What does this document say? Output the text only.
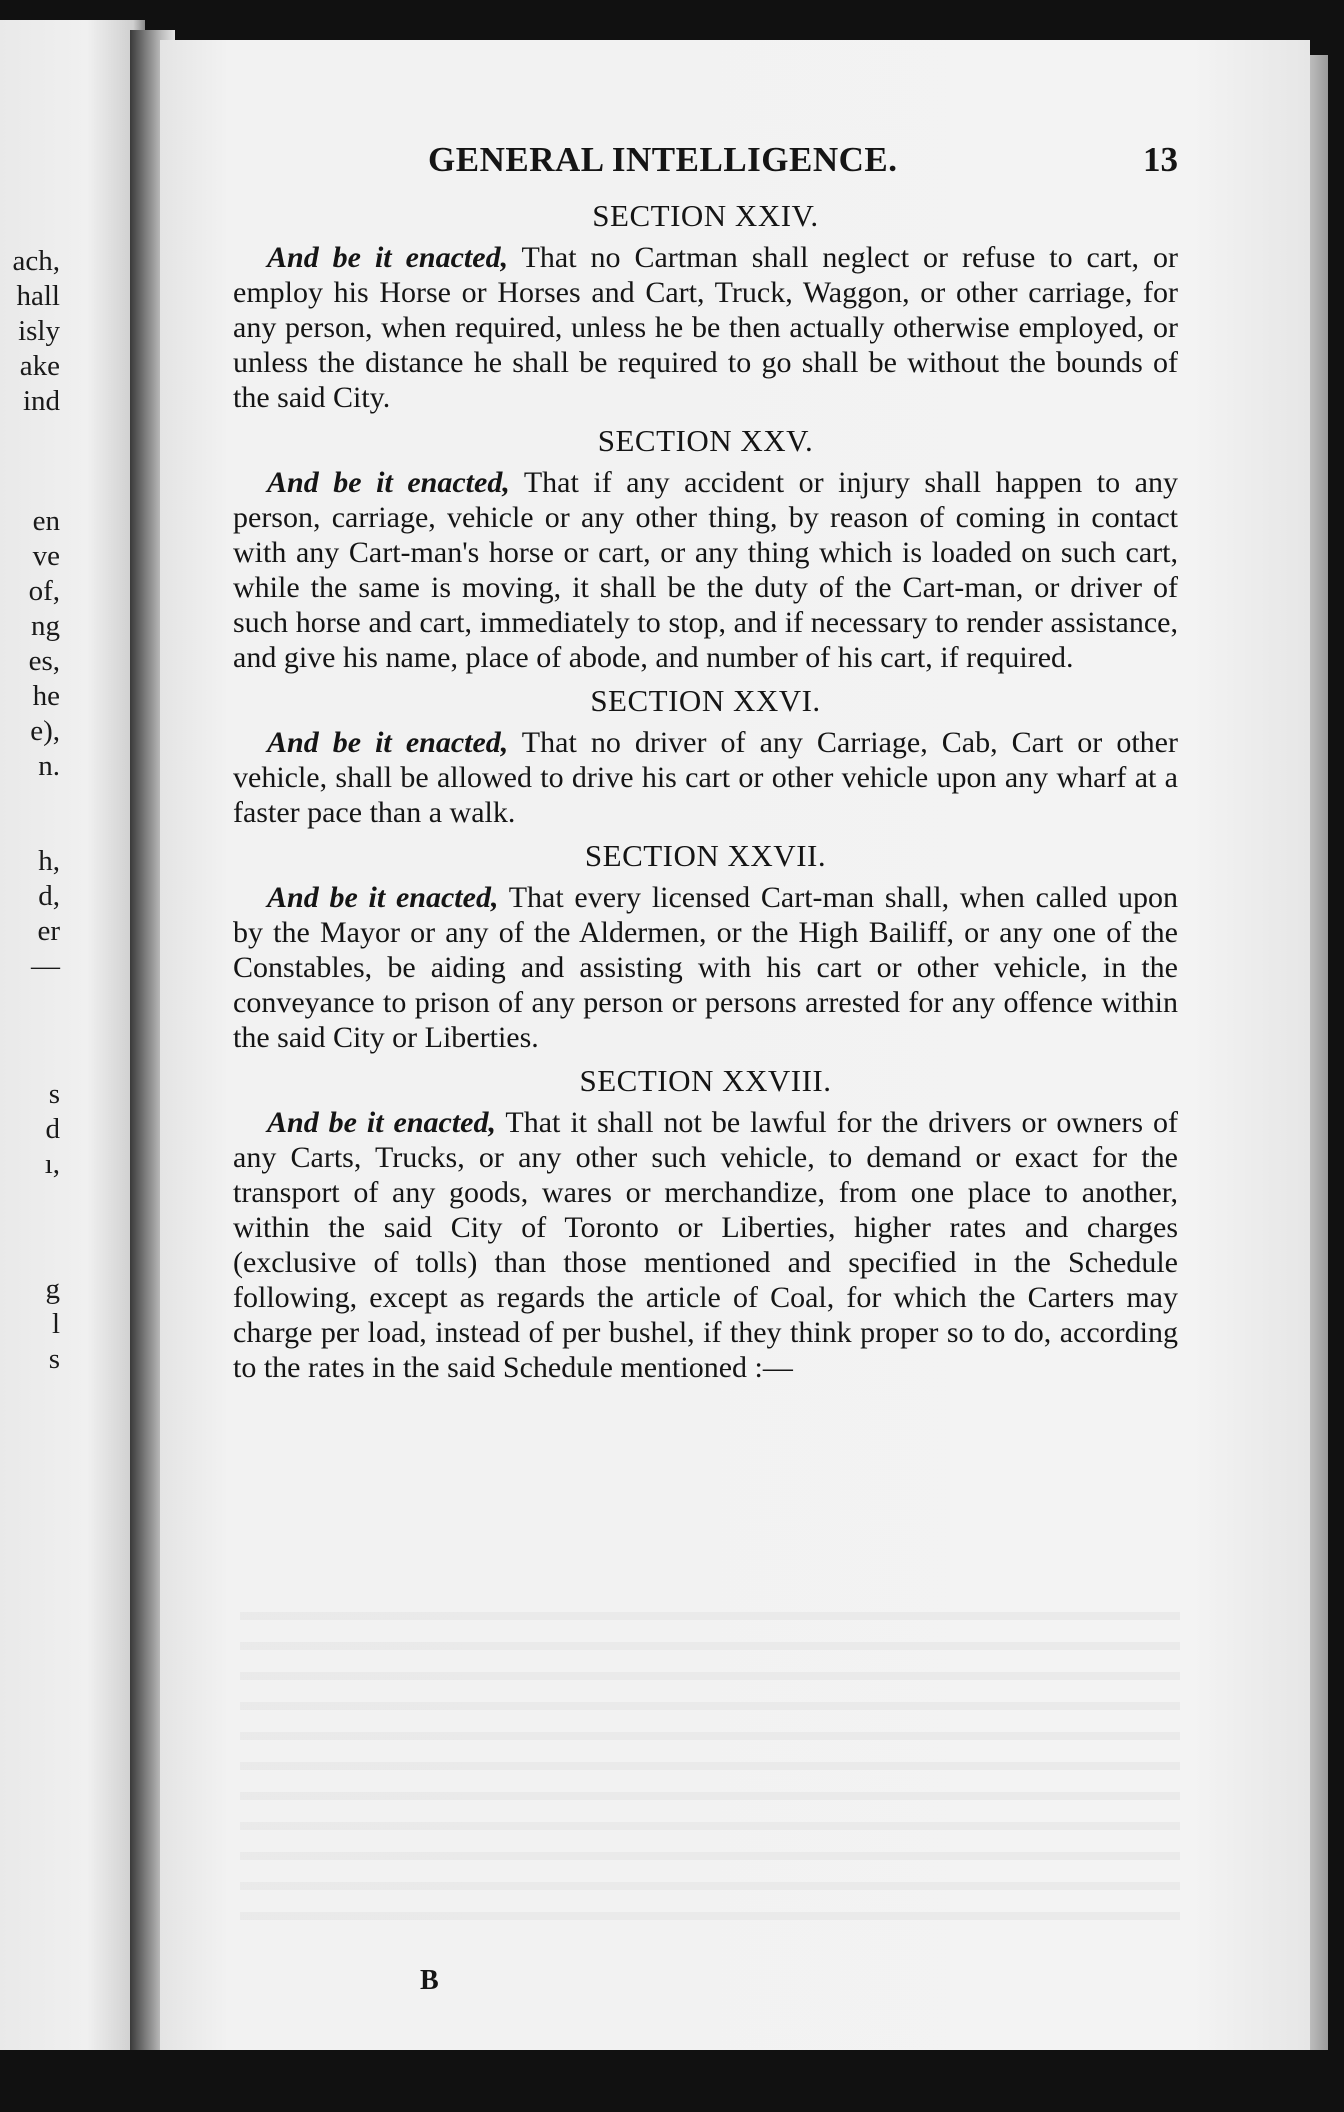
ach,
hall
isly
ake
ind
en
ve
of,
ng
es,
he
e),
n.
h,
d,
er
—
s
d
ı,
g
l
s
GENERAL INTELLIGENCE.	13
SECTION XXIV.

And be it enacted, That no Cartman shall neglect or refuse to cart, or employ his Horse or Horses and Cart, Truck, Waggon, or other carriage, for any person, when required, unless he be then actually otherwise employed, or unless the distance he shall be required to go shall be without the bounds of the said City.

SECTION XXV.

And be it enacted, That if any accident or injury shall happen to any person, carriage, vehicle or any other thing, by reason of coming in contact with any Cart-man's horse or cart, or any thing which is loaded on such cart, while the same is moving, it shall be the duty of the Cart-man, or driver of such horse and cart, immediately to stop, and if necessary to render assistance, and give his name, place of abode, and number of his cart, if required.

SECTION XXVI.

And be it enacted, That no driver of any Carriage, Cab, Cart or other vehicle, shall be allowed to drive his cart or other vehicle upon any wharf at a faster pace than a walk.

SECTION XXVII.

And be it enacted, That every licensed Cart-man shall, when called upon by the Mayor or any of the Aldermen, or the High Bailiff, or any one of the Constables, be aiding and assisting with his cart or other vehicle, in the conveyance to prison of any person or persons arrested for any offence within the said City or Liberties.

SECTION XXVIII.

And be it enacted, That it shall not be lawful for the drivers or owners of any Carts, Trucks, or any other such vehicle, to demand or exact for the transport of any goods, wares or merchandize, from one place to another, within the said City of Toronto or Liberties, higher rates and charges (exclusive of tolls) than those mentioned and specified in the Schedule following, except as regards the article of Coal, for which the Carters may charge per load, instead of per bushel, if they think proper so to do, according to the rates in the said Schedule mentioned :—

B
